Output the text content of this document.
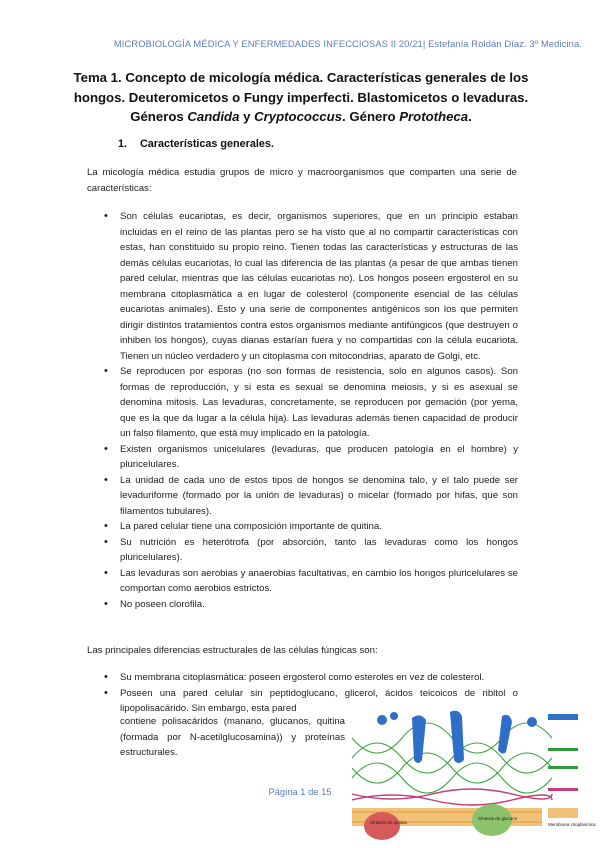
MICROBIOLOGÍA MÉDICA Y ENFERMEDADES INFECCIOSAS II 20/21| Estefanía Roldán Díaz. 3º Medicina.
Tema 1. Concepto de micología médica. Características generales de los
hongos. Deuteromicetos o Fungy imperfecti. Blastomicetos o levaduras.
Géneros Candida y Cryptococcus. Género Prototheca.
1. Características generales.
La micología médica estudia grupos de micro y macroorganismos que comparten una serie de características:
• Son células eucariotas, es decir, organismos superiores, que en un principio estaban incluidas en el reino de las plantas pero se ha visto que al no compartir características con estas, han constituido su propio reino. Tienen todas las características y estructuras de las demás células eucariotas, lo cual las diferencia de las plantas (a pesar de que ambas tienen pared celular, mientras que las células eucariotas no). Los hongos poseen ergosterol en su membrana citoplasmática a en lugar de colesterol (componente esencial de las células eucariotas animales). Esto y una serie de componentes antigénicos son los que permiten dirigir distintos tratamientos contra estos organismos mediante antifúngicos (que destruyen o inhiben los hongos), cuyas dianas estarían fuera y no compartidas con la célula eucariota. Tienen un núcleo verdadero y un citoplasma con mitocondrias, aparato de Golgi, etc.
• Se reproducen por esporas (no son formas de resistencia, solo en algunos casos). Son formas de reproducción, y si esta es sexual se denomina meiosis, y si es asexual se denomina mitosis. Las levaduras, concretamente, se reproducen por gemación (por yema, que es la que da lugar a la célula hija). Las levaduras además tienen capacidad de producir un falso filamento, que está muy implicado en la patología.
• Existen organismos unicelulares (levaduras, que producen patología en el hombre) y pluricelulares.
• La unidad de cada uno de estos tipos de hongos se denomina talo, y el talo puede ser levaduriforme (formado por la unión de levaduras) o micelar (formado por hifas, que son filamentos tubulares).
• La pared celular tiene una composición importante de quitina.
• Su nutrición es heterótrofa (por absorción, tanto las levaduras como los hongos pluricelulares).
• Las levaduras son aerobias y anaerobias facultativas, en cambio los hongos pluricelulares se comportan como aerobios estrictos.
• No poseen clorofila.
Las principales diferencias estructurales de las células fúngicas son:
• Su membrana citoplasmática: poseen ergosterol como esteroles en vez de colesterol.
• Poseen una pared celular sin peptidoglucano, glicerol, ácidos teicoicos de ribitol o lipopolisacárido. Sin embargo, esta pared
contiene polisacáridos (manano, glucanos, quitina (formada por N-acetilglucosamina)) y proteínas estructurales.
Síntesis de quitina
Síntesis de glucano
Membrana citoplásmica
Página 1 de 15
